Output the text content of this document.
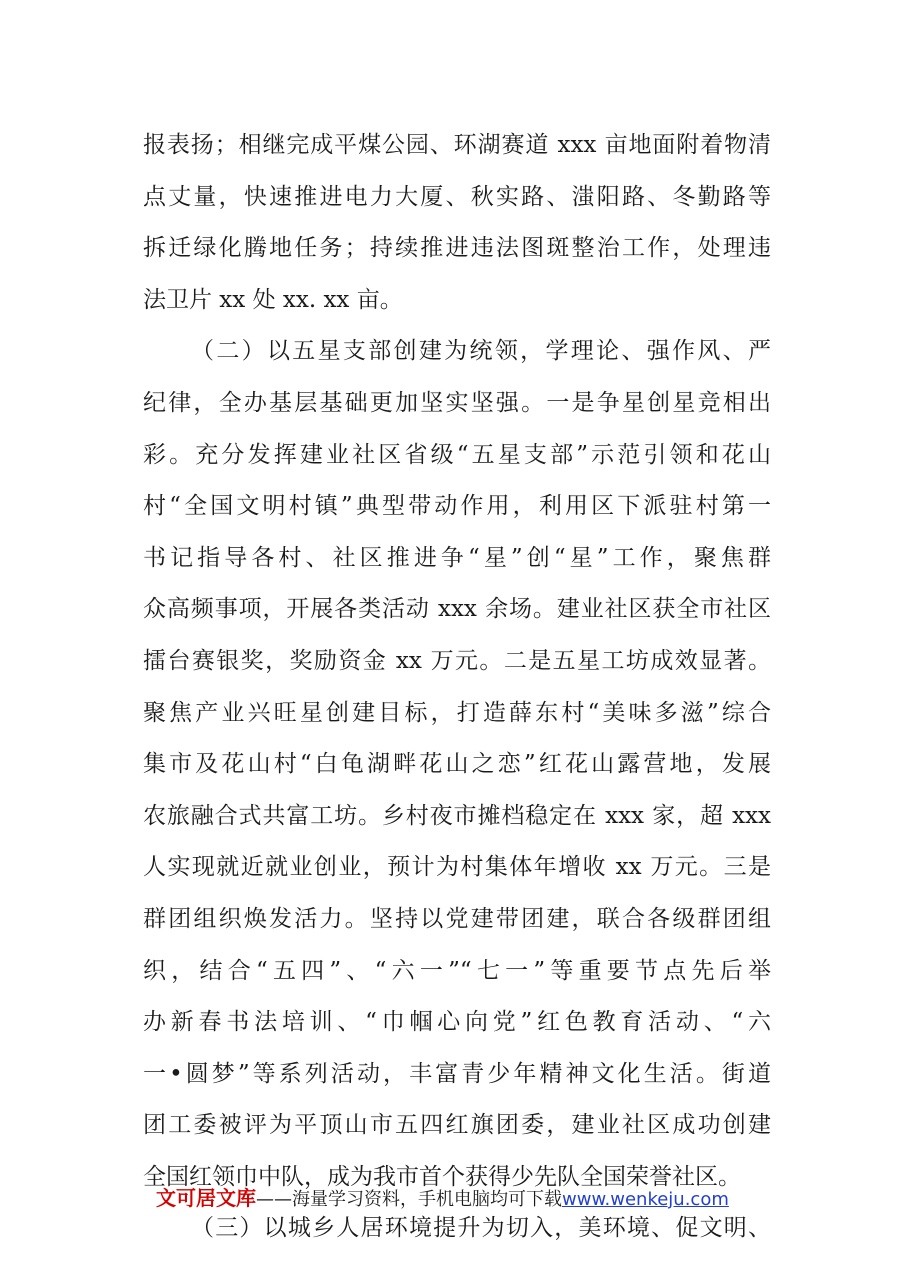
报表扬；相继完成平煤公园、环湖赛道 xxx 亩地面附着物清
点丈量，快速推进电力大厦、秋实路、滍阳路、冬勤路等
拆迁绿化腾地任务；持续推进违法图斑整治工作，处理违
法卫片 xx 处 xx. xx 亩。
（二）以五星支部创建为统领，学理论、强作风、严
纪律，全办基层基础更加坚实坚强。一是争星创星竞相出
彩。充分发挥建业社区省级“五星支部”示范引领和花山
村“全国文明村镇”典型带动作用，利用区下派驻村第一
书记指导各村、社区推进争“星”创“星”工作，聚焦群
众高频事项，开展各类活动 xxx 余场。建业社区获全市社区
擂台赛银奖，奖励资金 xx 万元。二是五星工坊成效显著。
聚焦产业兴旺星创建目标，打造薛东村“美味多滋”综合
集市及花山村“白龟湖畔花山之恋”红花山露营地，发展
农旅融合式共富工坊。乡村夜市摊档稳定在 xxx 家，超 xxx
人实现就近就业创业，预计为村集体年增收 xx 万元。三是
群团组织焕发活力。坚持以党建带团建，联合各级群团组
织，结合“五四”、“六一”“七一”等重要节点先后举
办新春书法培训、“巾帼心向党”红色教育活动、“六
一•圆梦”等系列活动，丰富青少年精神文化生活。街道
团工委被评为平顶山市五四红旗团委，建业社区成功创建
全国红领巾中队，成为我市首个获得少先队全国荣誉社区。
（三）以城乡人居环境提升为切入，美环境、促文明、
文可居文库——海量学习资料，手机电脑均可下载www.wenkeju.com
